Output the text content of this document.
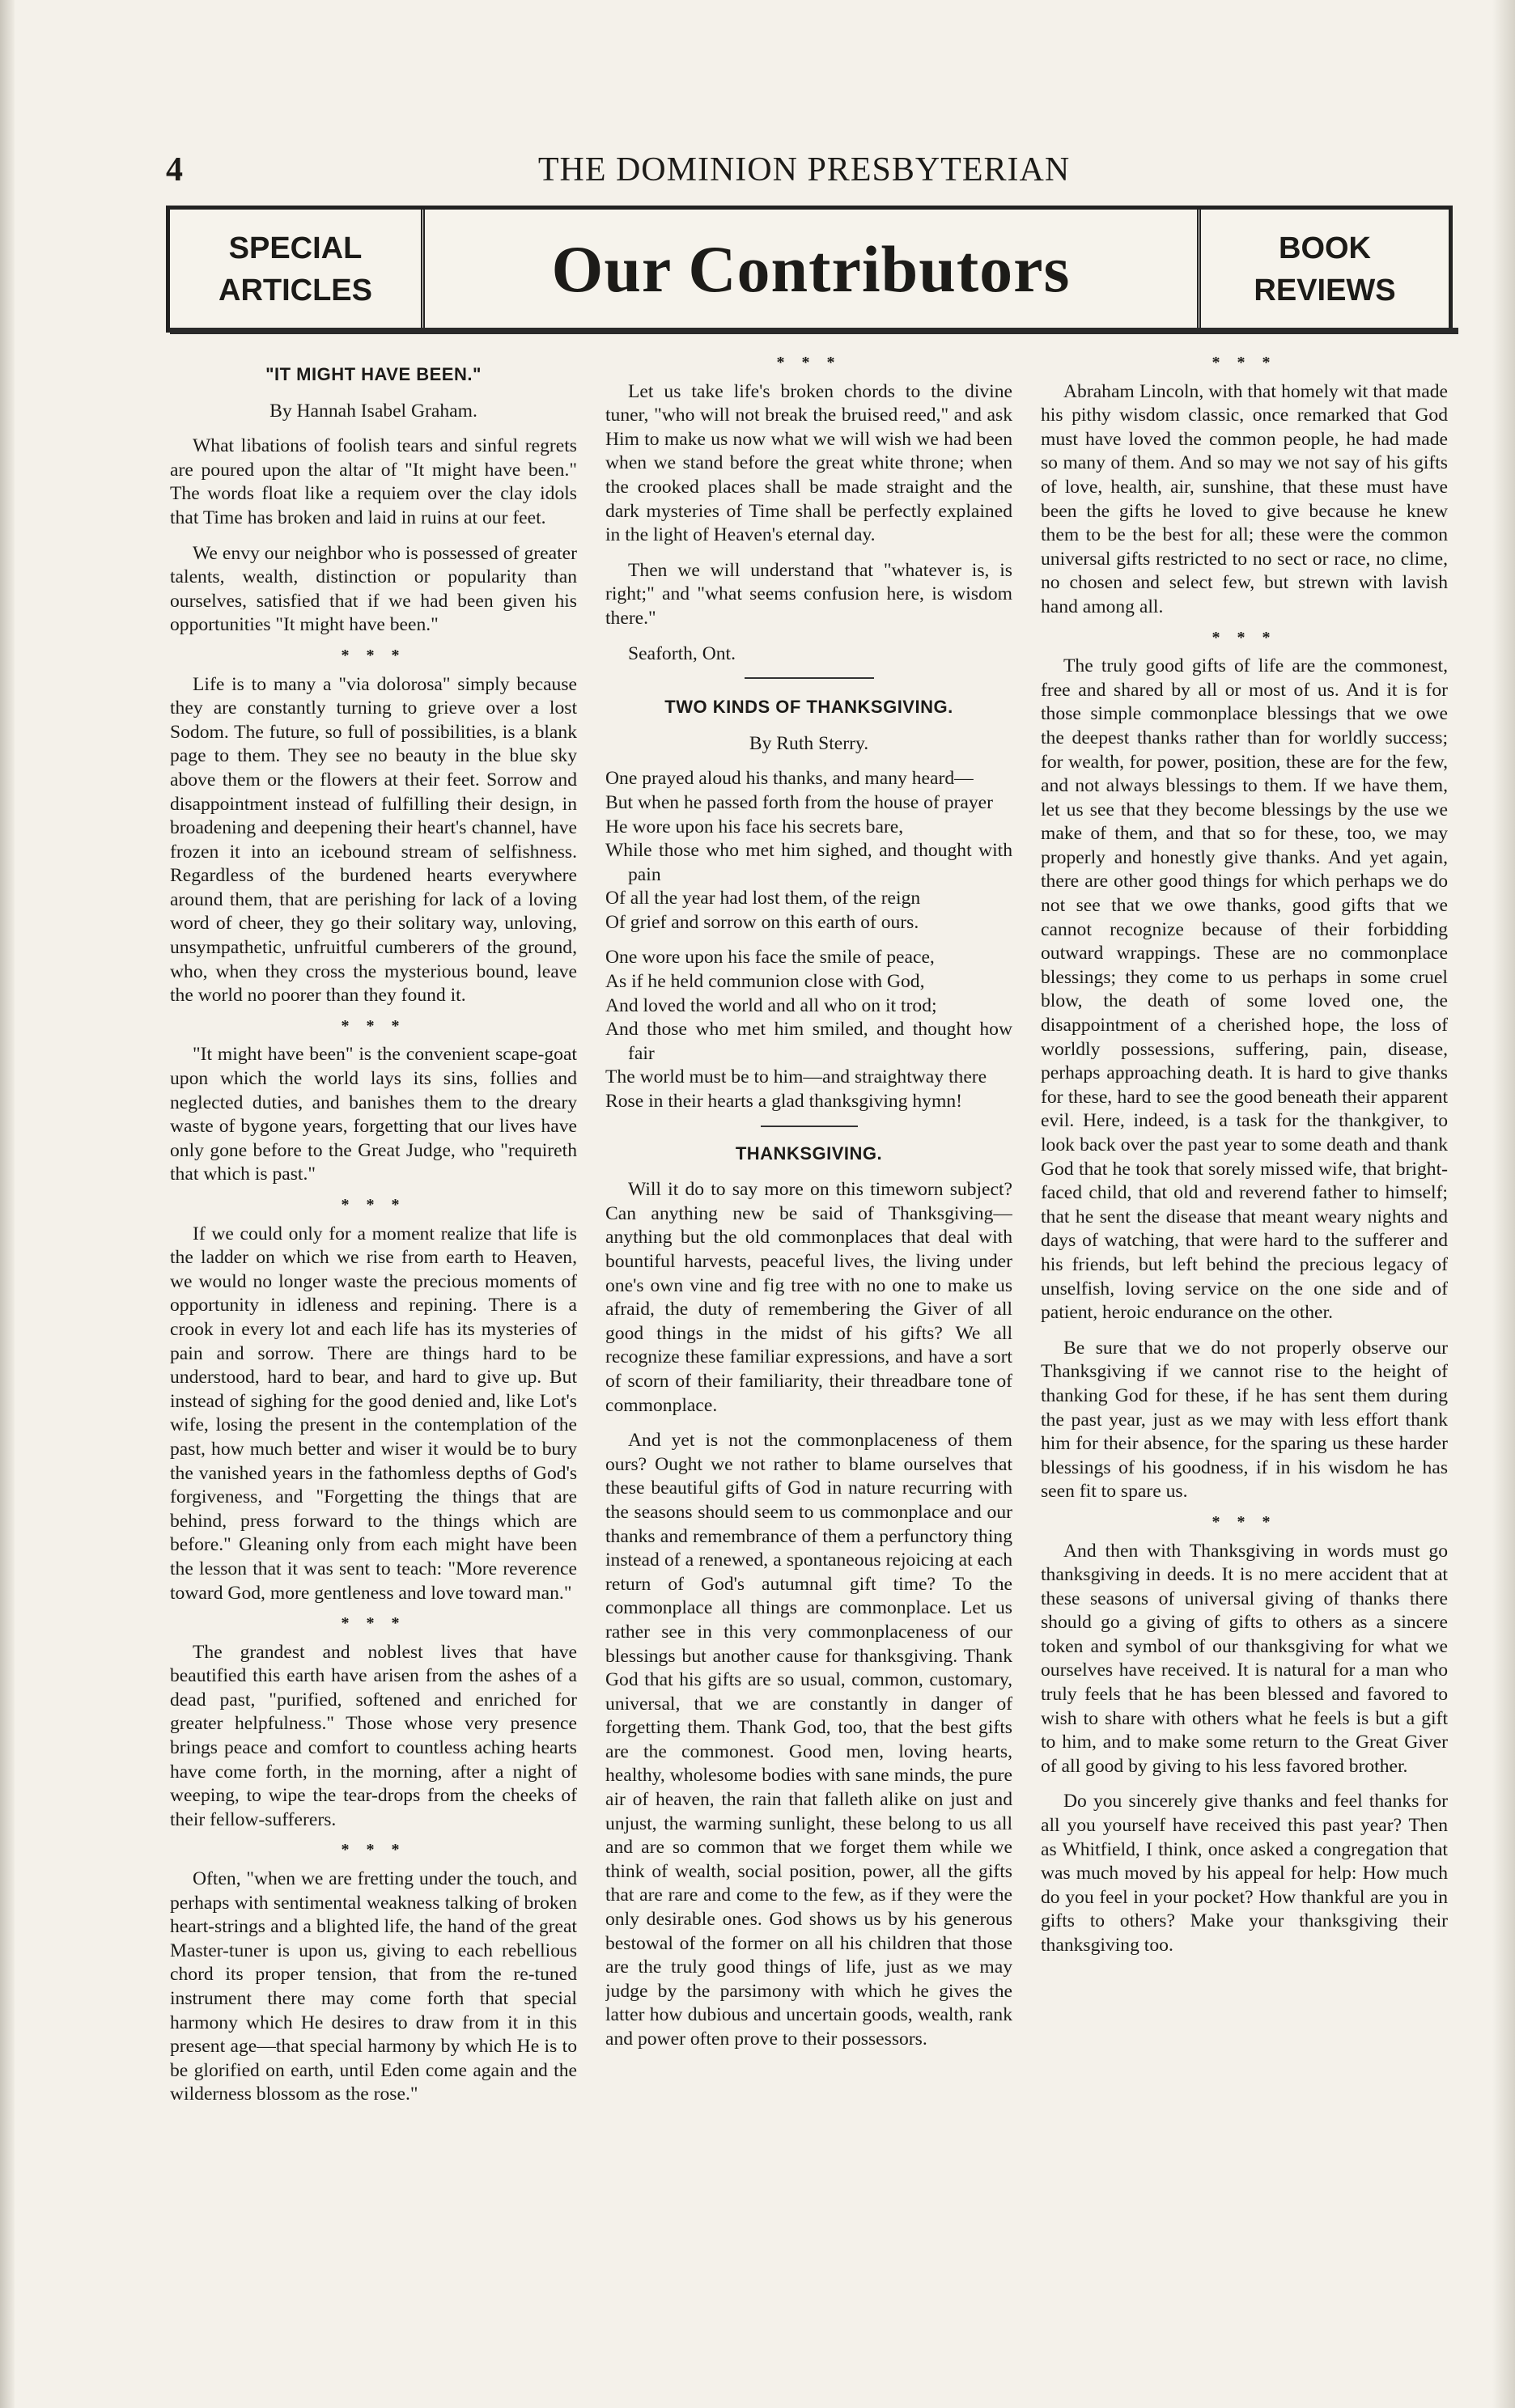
4	THE DOMINION PRESBYTERIAN
SPECIAL
ARTICLES	Our Contributors	BOOK
REVIEWS
"IT MIGHT HAVE BEEN."

By Hannah Isabel Graham.

What libations of foolish tears and sinful regrets are poured upon the altar of "It might have been." The words float like a requiem over the clay idols that Time has broken and laid in ruins at our feet.

We envy our neighbor who is possessed of greater talents, wealth, distinction or popularity than ourselves, satisfied that if we had been given his opportunities "It might have been."

* * *

Life is to many a "via dolorosa" simply because they are constantly turning to grieve over a lost Sodom. The future, so full of possibilities, is a blank page to them. They see no beauty in the blue sky above them or the flowers at their feet. Sorrow and disappointment instead of fulfilling their design, in broadening and deepening their heart's channel, have frozen it into an icebound stream of selfishness. Regardless of the burdened hearts everywhere around them, that are perishing for lack of a loving word of cheer, they go their solitary way, unloving, unsympathetic, unfruitful cumberers of the ground, who, when they cross the mysterious bound, leave the world no poorer than they found it.

* * *

"It might have been" is the convenient scape-goat upon which the world lays its sins, follies and neglected duties, and banishes them to the dreary waste of bygone years, forgetting that our lives have only gone before to the Great Judge, who "requireth that which is past."

* * *

If we could only for a moment realize that life is the ladder on which we rise from earth to Heaven, we would no longer waste the precious moments of opportunity in idleness and repining. There is a crook in every lot and each life has its mysteries of pain and sorrow. There are things hard to be understood, hard to bear, and hard to give up. But instead of sighing for the good denied and, like Lot's wife, losing the present in the contemplation of the past, how much better and wiser it would be to bury the vanished years in the fathomless depths of God's forgiveness, and "Forgetting the things that are behind, press forward to the things which are before." Gleaning only from each might have been the lesson that it was sent to teach: "More reverence toward God, more gentleness and love toward man."

* * *

The grandest and noblest lives that have beautified this earth have arisen from the ashes of a dead past, "purified, softened and enriched for greater helpfulness." Those whose very presence brings peace and comfort to countless aching hearts have come forth, in the morning, after a night of weeping, to wipe the tear-drops from the cheeks of their fellow-sufferers.

* * *

Often, "when we are fretting under the touch, and perhaps with sentimental weakness talking of broken heart-strings and a blighted life, the hand of the great Master-tuner is upon us, giving to each rebellious chord its proper tension, that from the re-tuned instrument there may come forth that special harmony which He desires to draw from it in this present age—that special harmony by which He is to be glorified on earth, until Eden come again and the wilderness blossom as the rose."

* * *

Let us take life's broken chords to the divine tuner, "who will not break the bruised reed," and ask Him to make us now what we will wish we had been when we stand before the great white throne; when the crooked places shall be made straight and the dark mysteries of Time shall be perfectly explained in the light of Heaven's eternal day.

Then we will understand that "whatever is, is right;" and "what seems confusion here, is wisdom there."

Seaforth, Ont.

TWO KINDS OF THANKSGIVING.

By Ruth Sterry.

One prayed aloud his thanks, and many heard—
But when he passed forth from the house of prayer
He wore upon his face his secrets bare,
While those who met him sighed, and thought with pain
Of all the year had lost them, of the reign
Of grief and sorrow on this earth of ours.
One wore upon his face the smile of peace,
As if he held communion close with God,
And loved the world and all who on it trod;
And those who met him smiled, and thought how fair
The world must be to him—and straightway there
Rose in their hearts a glad thanksgiving hymn!
THANKSGIVING.

Will it do to say more on this timeworn subject? Can anything new be said of Thanksgiving—anything but the old commonplaces that deal with bountiful harvests, peaceful lives, the living under one's own vine and fig tree with no one to make us afraid, the duty of remembering the Giver of all good things in the midst of his gifts? We all recognize these familiar expressions, and have a sort of scorn of their familiarity, their threadbare tone of commonplace.

And yet is not the commonplaceness of them ours? Ought we not rather to blame ourselves that these beautiful gifts of God in nature recurring with the seasons should seem to us commonplace and our thanks and remembrance of them a perfunctory thing instead of a renewed, a spontaneous rejoicing at each return of God's autumnal gift time? To the commonplace all things are commonplace. Let us rather see in this very commonplaceness of our blessings but another cause for thanksgiving. Thank God that his gifts are so usual, common, customary, universal, that we are constantly in danger of forgetting them. Thank God, too, that the best gifts are the commonest. Good men, loving hearts, healthy, wholesome bodies with sane minds, the pure air of heaven, the rain that falleth alike on just and unjust, the warming sunlight, these belong to us all and are so common that we forget them while we think of wealth, social position, power, all the gifts that are rare and come to the few, as if they were the only desirable ones. God shows us by his generous bestowal of the former on all his children that those are the truly good things of life, just as we may judge by the parsimony with which he gives the latter how dubious and uncertain goods, wealth, rank and power often prove to their possessors.

* * *

Abraham Lincoln, with that homely wit that made his pithy wisdom classic, once remarked that God must have loved the common people, he had made so many of them. And so may we not say of his gifts of love, health, air, sunshine, that these must have been the gifts he loved to give because he knew them to be the best for all; these were the common universal gifts restricted to no sect or race, no clime, no chosen and select few, but strewn with lavish hand among all.

* * *

The truly good gifts of life are the commonest, free and shared by all or most of us. And it is for those simple commonplace blessings that we owe the deepest thanks rather than for worldly success; for wealth, for power, position, these are for the few, and not always blessings to them. If we have them, let us see that they become blessings by the use we make of them, and that so for these, too, we may properly and honestly give thanks. And yet again, there are other good things for which perhaps we do not see that we owe thanks, good gifts that we cannot recognize because of their forbidding outward wrappings. These are no commonplace blessings; they come to us perhaps in some cruel blow, the death of some loved one, the disappointment of a cherished hope, the loss of worldly possessions, suffering, pain, disease, perhaps approaching death. It is hard to give thanks for these, hard to see the good beneath their apparent evil. Here, indeed, is a task for the thankgiver, to look back over the past year to some death and thank God that he took that sorely missed wife, that bright-faced child, that old and reverend father to himself; that he sent the disease that meant weary nights and days of watching, that were hard to the sufferer and his friends, but left behind the precious legacy of unselfish, loving service on the one side and of patient, heroic endurance on the other.

Be sure that we do not properly observe our Thanksgiving if we cannot rise to the height of thanking God for these, if he has sent them during the past year, just as we may with less effort thank him for their absence, for the sparing us these harder blessings of his goodness, if in his wisdom he has seen fit to spare us.

* * *

And then with Thanksgiving in words must go thanksgiving in deeds. It is no mere accident that at these seasons of universal giving of thanks there should go a giving of gifts to others as a sincere token and symbol of our thanksgiving for what we ourselves have received. It is natural for a man who truly feels that he has been blessed and favored to wish to share with others what he feels is but a gift to him, and to make some return to the Great Giver of all good by giving to his less favored brother.

Do you sincerely give thanks and feel thanks for all you yourself have received this past year? Then as Whitfield, I think, once asked a congregation that was much moved by his appeal for help: How much do you feel in your pocket? How thankful are you in gifts to others? Make your thanksgiving their thanksgiving too.
